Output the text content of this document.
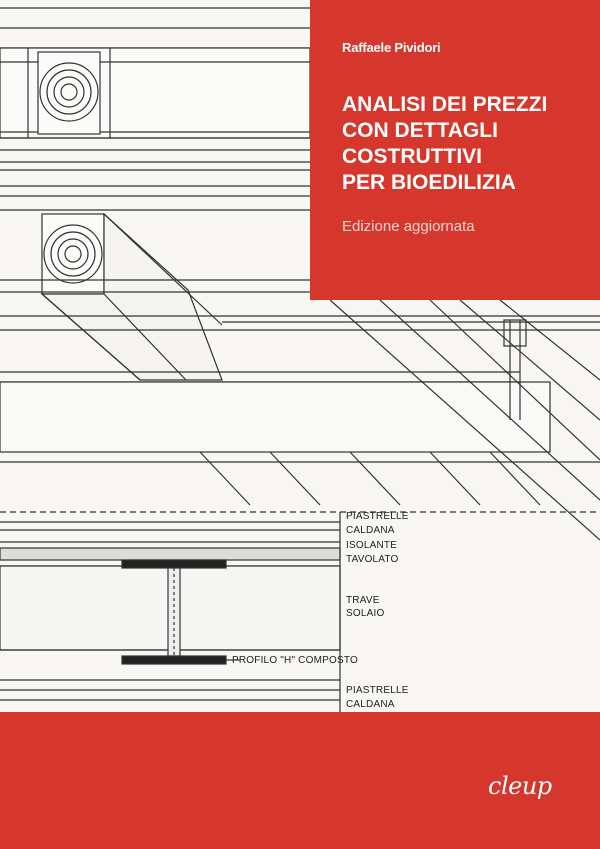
PIASTRELLE
CALDANA
ISOLANTE
TAVOLATO
TRAVE
SOLAIO
PROFILO "H" COMPOSTO
PIASTRELLE
CALDANA
Raffaele Pividori
ANALISI DEI PREZZI
CON DETTAGLI
COSTRUTTIVI
PER BIOEDILIZIA
Edizione aggiornata
cleup
